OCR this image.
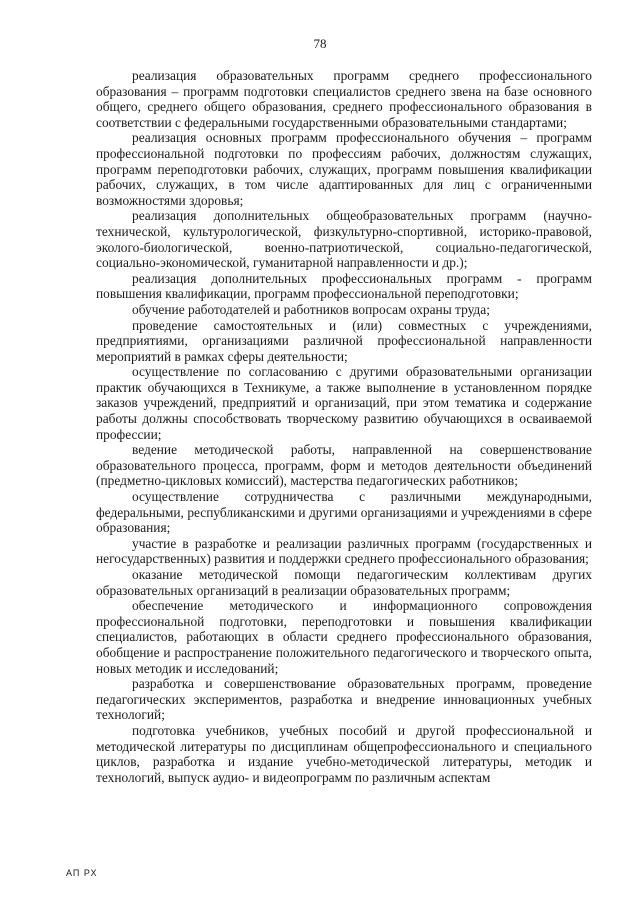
78

реализация образовательных программ среднего профессионального образования – программ подготовки специалистов среднего звена на базе основного общего, среднего общего образования, среднего профессионального образования в соответствии с федеральными государственными образовательными стандартами;

реализация основных программ профессионального обучения – программ профессиональной подготовки по профессиям рабочих, должностям служащих, программ переподготовки рабочих, служащих, программ повышения квалификации рабочих, служащих, в том числе адаптированных для лиц с ограниченными возможностями здоровья;

реализация дополнительных общеобразовательных программ (научно-технической, культурологической, физкультурно-спортивной, историко-правовой, эколого-биологической, военно-патриотической, социально-педагогической, социально-экономической, гуманитарной направленности и др.);

реализация дополнительных профессиональных программ - программ повышения квалификации, программ профессиональной переподготовки;

обучение работодателей и работников вопросам охраны труда;

проведение самостоятельных и (или) совместных с учреждениями, предприятиями, организациями различной профессиональной направленности мероприятий в рамках сферы деятельности;

осуществление по согласованию с другими образовательными организации практик обучающихся в Техникуме, а также выполнение в установленном порядке заказов учреждений, предприятий и организаций, при этом тематика и содержание работы должны способствовать творческому развитию обучающихся в осваиваемой профессии;

ведение методической работы, направленной на совершенствование образовательного процесса, программ, форм и методов деятельности объединений (предметно-цикловых комиссий), мастерства педагогических работников;

осуществление сотрудничества с различными международными, федеральными, республиканскими и другими организациями и учреждениями в сфере образования;

участие в разработке и реализации различных программ (государственных и негосударственных) развития и поддержки среднего профессионального образования;

оказание методической помощи педагогическим коллективам других образовательных организаций в реализации образовательных программ;

обеспечение методического и информационного сопровождения профессиональной подготовки, переподготовки и повышения квалификации специалистов, работающих в области среднего профессионального образования, обобщение и распространение положительного педагогического и творческого опыта, новых методик и исследований;

разработка и совершенствование образовательных программ, проведение педагогических экспериментов, разработка и внедрение инновационных учебных технологий;

подготовка учебников, учебных пособий и другой профессиональной и методической литературы по дисциплинам общепрофессионального и специального циклов, разработка и издание учебно-методической литературы, методик и технологий, выпуск аудио- и видеопрограмм по различным аспектам

АП РХ
